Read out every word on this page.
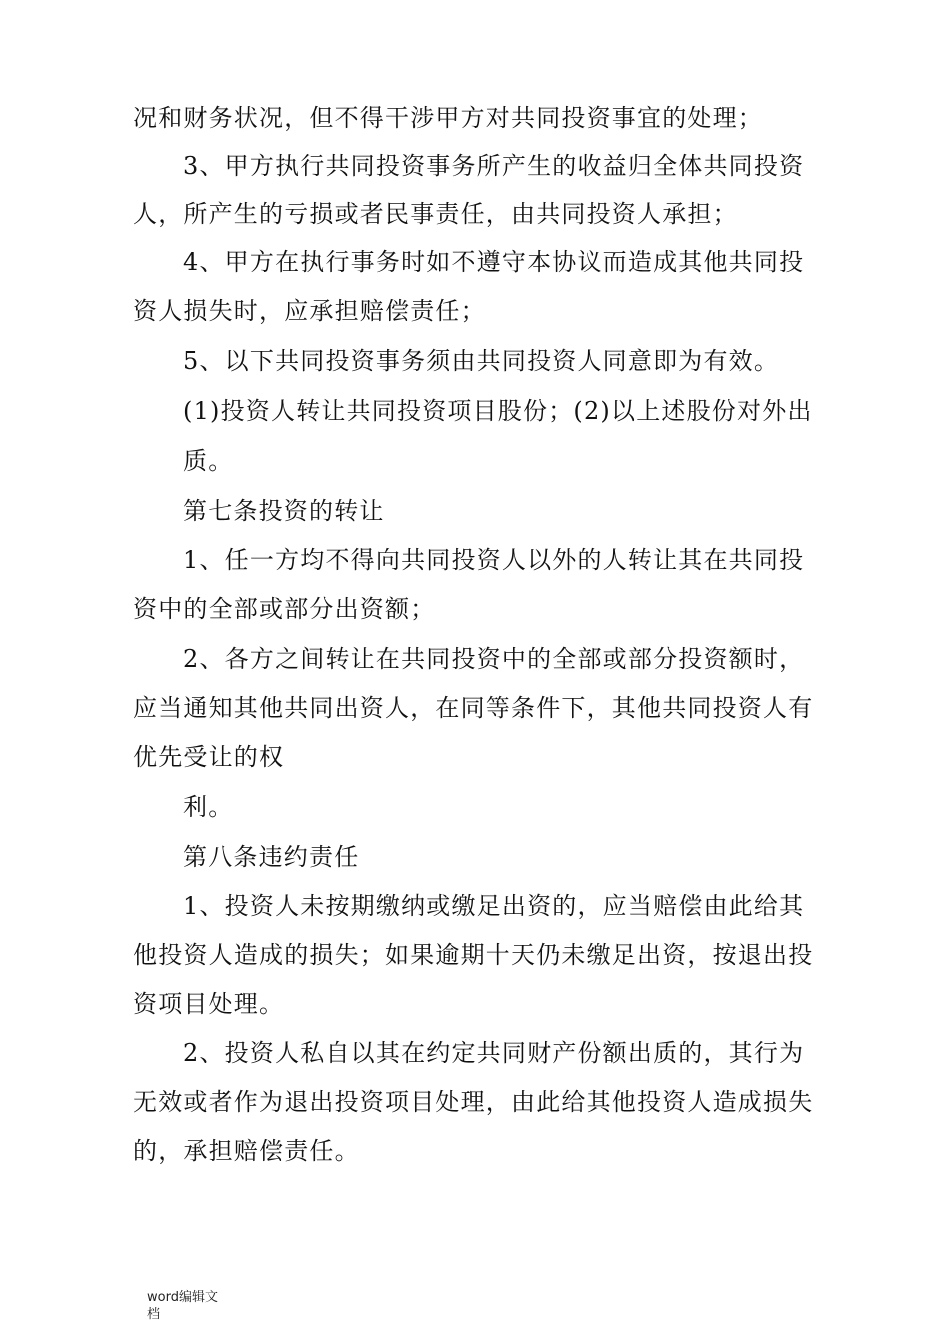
况和财务状况，但不得干涉甲方对共同投资事宜的处理；
3、甲方执行共同投资事务所产生的收益归全体共同投资
人，所产生的亏损或者民事责任，由共同投资人承担；
4、甲方在执行事务时如不遵守本协议而造成其他共同投
资人损失时，应承担赔偿责任；
5、以下共同投资事务须由共同投资人同意即为有效。
(1)投资人转让共同投资项目股份；(2)以上述股份对外出
质。
第七条投资的转让
1、任一方均不得向共同投资人以外的人转让其在共同投
资中的全部或部分出资额；
2、各方之间转让在共同投资中的全部或部分投资额时，
应当通知其他共同出资人，在同等条件下，其他共同投资人有
优先受让的权
利。
第八条违约责任
1、投资人未按期缴纳或缴足出资的，应当赔偿由此给其
他投资人造成的损失；如果逾期十天仍未缴足出资，按退出投
资项目处理。
2、投资人私自以其在约定共同财产份额出质的，其行为
无效或者作为退出投资项目处理，由此给其他投资人造成损失
的，承担赔偿责任。
word编辑文
档
